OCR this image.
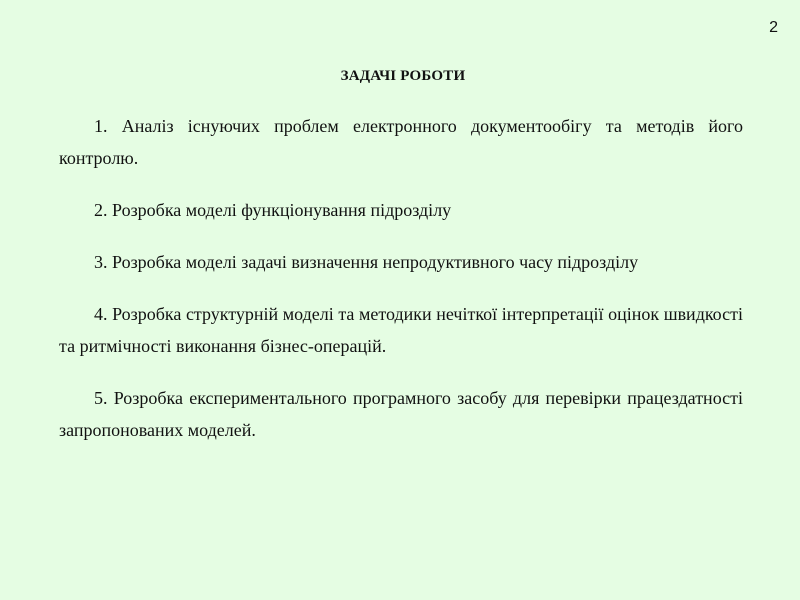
2
ЗАДАЧІ РОБОТИ
1. Аналіз існуючих проблем електронного документообігу та методів його контролю.
2. Розробка моделі функціонування підрозділу
3. Розробка моделі задачі визначення непродуктивного часу підрозділу
4. Розробка структурній моделі та методики нечіткої інтерпретації оцінок швидкості та ритмічності виконання бізнес-операцій.
5. Розробка експериментального програмного засобу для перевірки працездатності запропонованих моделей.
